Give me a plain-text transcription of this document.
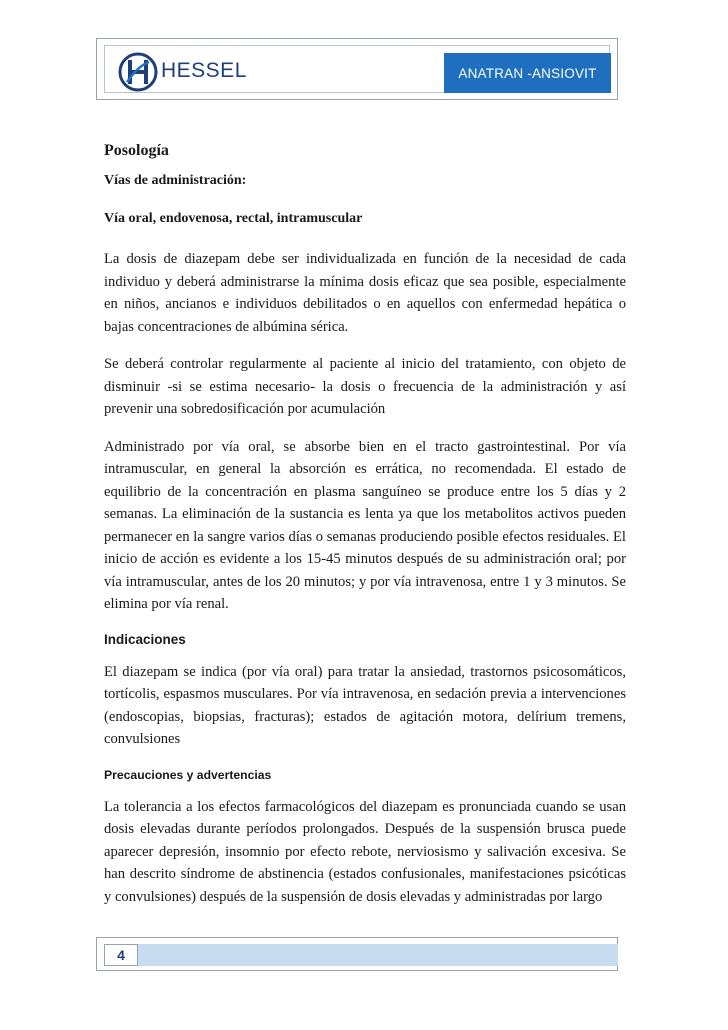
HESSEL	ANATRAN -ANSIOVIT
Posología
Vías de administración:
Vía oral, endovenosa, rectal, intramuscular

La dosis de diazepam debe ser individualizada en función de la necesidad de cada individuo y deberá administrarse la mínima dosis eficaz que sea posible, especialmente en niños, ancianos e individuos debilitados o en aquellos con enfermedad hepática o bajas concentraciones de albúmina sérica.

Se deberá controlar regularmente al paciente al inicio del tratamiento, con objeto de disminuir -si se estima necesario- la dosis o frecuencia de la administración y así prevenir una sobredosificación por acumulación

Administrado por vía oral, se absorbe bien en el tracto gastrointestinal. Por vía intramuscular, en general la absorción es errática, no recomendada. El estado de equilibrio de la concentración en plasma sanguíneo se produce entre los 5 días y 2 semanas. La eliminación de la sustancia es lenta ya que los metabolitos activos pueden permanecer en la sangre varios días o semanas produciendo posible efectos residuales. El inicio de acción es evidente a los 15-45 minutos después de su administración oral; por vía intramuscular, antes de los 20 minutos; y por vía intravenosa, entre 1 y 3 minutos. Se elimina por vía renal.

Indicaciones

El diazepam se indica (por vía oral) para tratar la ansiedad, trastornos psicosomáticos, tortícolis, espasmos musculares. Por vía intravenosa, en sedación previa a intervenciones (endoscopias, biopsias, fracturas); estados de agitación motora, delírium tremens, convulsiones

Precauciones y advertencias

La tolerancia a los efectos farmacológicos del diazepam es pronunciada cuando se usan dosis elevadas durante períodos prolongados. Después de la suspensión brusca puede aparecer depresión, insomnio por efecto rebote, nerviosismo y salivación excesiva. Se han descrito síndrome de abstinencia (estados confusionales, manifestaciones psicóticas y convulsiones) después de la suspensión de dosis elevadas y administradas por largo

4
